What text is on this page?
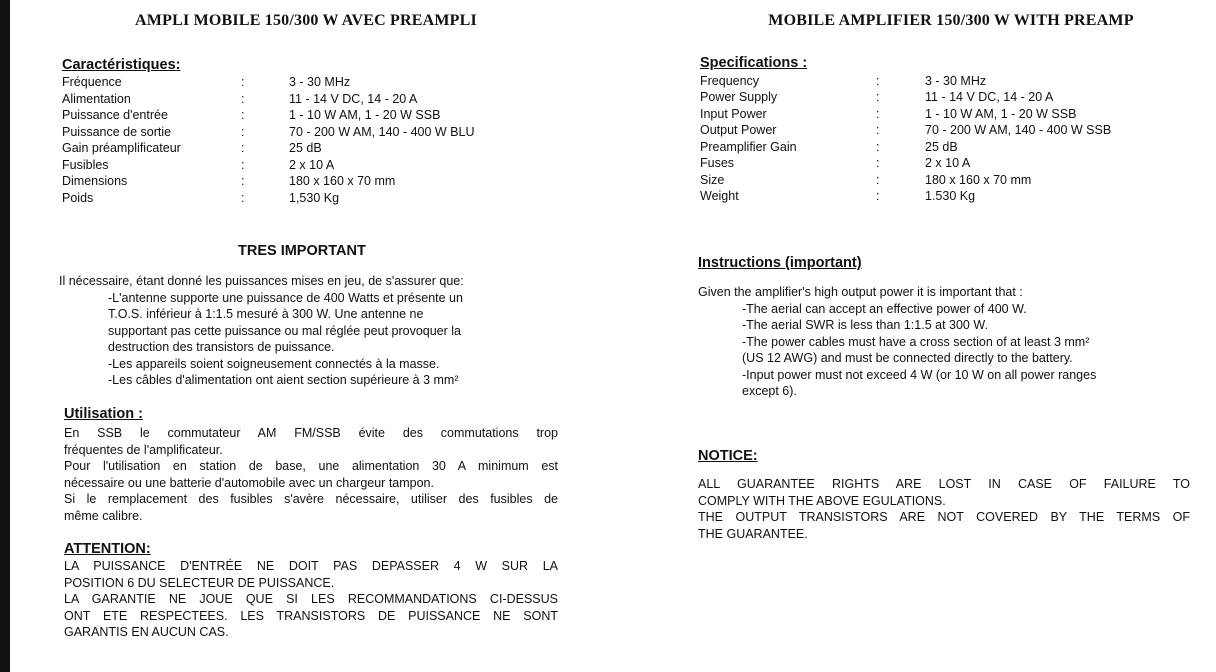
AMPLI MOBILE 150/300 W AVEC PREAMPLI
Caractéristiques:
Fréquence	:	3 - 30 MHz
Alimentation	:	11 - 14 V DC, 14 - 20 A
Puissance d'entrée	:	1 - 10 W AM, 1 - 20 W SSB
Puissance de sortie	:	70 - 200 W AM, 140 - 400 W BLU
Gain préamplificateur	:	25 dB
Fusibles	:	2 x 10 A
Dimensions	:	180 x 160 x 70 mm
Poids	:	1,530 Kg
TRES IMPORTANT
Il nécessaire, étant donné les puissances mises en jeu, de s'assurer que:
-L'antenne supporte une puissance de 400 Watts et présente un
T.O.S. inférieur à 1:1.5 mesuré à 300 W. Une antenne ne
supportant pas cette puissance ou mal réglée peut provoquer la
destruction des transistors de puissance.
-Les appareils soient soigneusement connectés à la masse.
-Les câbles d'alimentation ont aient section supérieure à 3 mm²
Utilisation :
En SSB le commutateur AM FM/SSB évite des commutations trop
fréquentes de l'amplificateur.
Pour l'utilisation en station de base, une alimentation 30 A minimum est
nécessaire ou une batterie d'automobile avec un chargeur tampon.
Si le remplacement des fusibles s'avère nécessaire, utiliser des fusibles de
même calibre.
ATTENTION:
LA PUISSANCE D'ENTRÉE NE DOIT PAS DEPASSER 4 W SUR LA
POSITION 6 DU SELECTEUR DE PUISSANCE.
LA GARANTIE NE JOUE QUE SI LES RECOMMANDATIONS CI-DESSUS
ONT ETE RESPECTEES. LES TRANSISTORS DE PUISSANCE NE SONT
GARANTIS EN AUCUN CAS.
MOBILE AMPLIFIER 150/300 W WITH PREAMP
Specifications :
Frequency	:	3 - 30 MHz
Power Supply	:	11 - 14 V DC, 14 - 20 A
Input Power	:	1 - 10 W AM, 1 - 20 W SSB
Output Power	:	70 - 200 W AM, 140 - 400 W SSB
Preamplifier Gain	:	25 dB
Fuses	:	2 x 10 A
Size	:	180 x 160 x 70 mm
Weight	:	1.530 Kg
Instructions (important)
Given the amplifier's high output power it is important that :
-The aerial can accept an effective power of 400 W.
-The aerial SWR is less than 1:1.5 at 300 W.
-The power cables must have a cross section of at least 3 mm²
(US 12 AWG) and must be connected directly to the battery.
-Input power must not exceed 4 W (or 10 W on all power ranges
except 6).
NOTICE:
ALL GUARANTEE RIGHTS ARE LOST IN CASE OF FAILURE TO
COMPLY WITH THE ABOVE EGULATIONS.
THE OUTPUT TRANSISTORS ARE NOT COVERED BY THE TERMS OF
THE GUARANTEE.
